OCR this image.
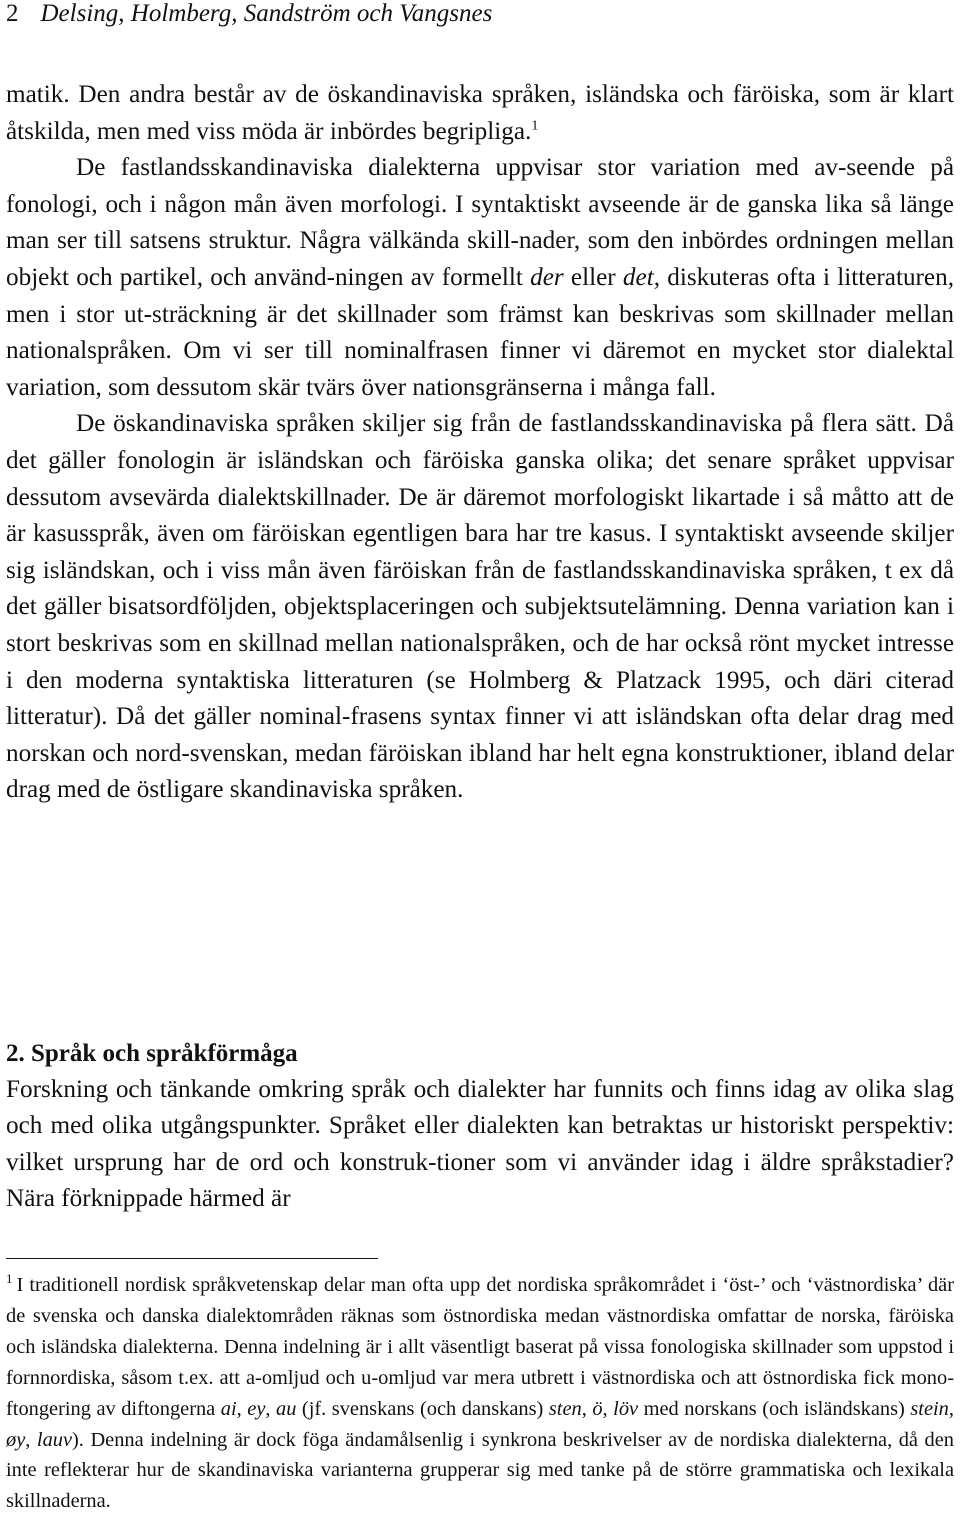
2 Delsing, Holmberg, Sandström och Vangsnes

matik. Den andra består av de öskandinaviska språken, isländska och färöiska, som är klart åtskilda, men med viss möda är inbördes begripliga.$^1$

De fastlandsskandinaviska dialekterna uppvisar stor variation med av-seende på fonologi, och i någon mån även morfologi. I syntaktiskt avseende är de ganska lika så länge man ser till satsens struktur. Några välkända skill-nader, som den inbördes ordningen mellan objekt och partikel, och använd-ningen av formellt der eller det, diskuteras ofta i litteraturen, men i stor ut-sträckning är det skillnader som främst kan beskrivas som skillnader mellan nationalspråken. Om vi ser till nominalfrasen finner vi däremot en mycket stor dialektal variation, som dessutom skär tvärs över nationsgränserna i många fall.

De öskandinaviska språken skiljer sig från de fastlandsskandinaviska på flera sätt. Då det gäller fonologin är isländskan och färöiska ganska olika; det senare språket uppvisar dessutom avsevärda dialektskillnader. De är däremot morfologiskt likartade i så måtto att de är kasusspråk, även om färöiskan egentligen bara har tre kasus. I syntaktiskt avseende skiljer sig isländskan, och i viss mån även färöiskan från de fastlandsskandinaviska språken, t ex då det gäller bisatsordföljden, objektsplaceringen och subjektsutelämning. Denna variation kan i stort beskrivas som en skillnad mellan nationalspråken, och de har också rönt mycket intresse i den moderna syntaktiska litteraturen (se Holmberg & Platzack 1995, och däri citerad litteratur). Då det gäller nominal-frasens syntax finner vi att isländskan ofta delar drag med norskan och nord-svenskan, medan färöiskan ibland har helt egna konstruktioner, ibland delar drag med de östligare skandinaviska språken.

2. Språk och språkförmåga

Forskning och tänkande omkring språk och dialekter har funnits och finns idag av olika slag och med olika utgångspunkter. Språket eller dialekten kan betraktas ur historiskt perspektiv: vilket ursprung har de ord och konstruk-tioner som vi använder idag i äldre språkstadier? Nära förknippade härmed är

$^1$ I traditionell nordisk språkvetenskap delar man ofta upp det nordiska språkområdet i ‘öst-’ och ‘västnordiska’ där de svenska och danska dialektområden räknas som östnordiska medan västnordiska omfattar de norska, färöiska och isländska dialekterna. Denna indelning är i allt väsentligt baserat på vissa fonologiska skillnader som uppstod i fornnordiska, såsom t.ex. att a-omljud och u-omljud var mera utbrett i västnordiska och att östnordiska fick mono-ftongering av diftongerna ai, ey, au (jf. svenskans (och danskans) sten, ö, löv med norskans (och isländskans) stein, øy, lauv). Denna indelning är dock föga ändamålsenlig i synkrona beskrivelser av de nordiska dialekterna, då den inte reflekterar hur de skandinaviska varianterna grupperar sig med tanke på de större grammatiska och lexikala skillnaderna.
